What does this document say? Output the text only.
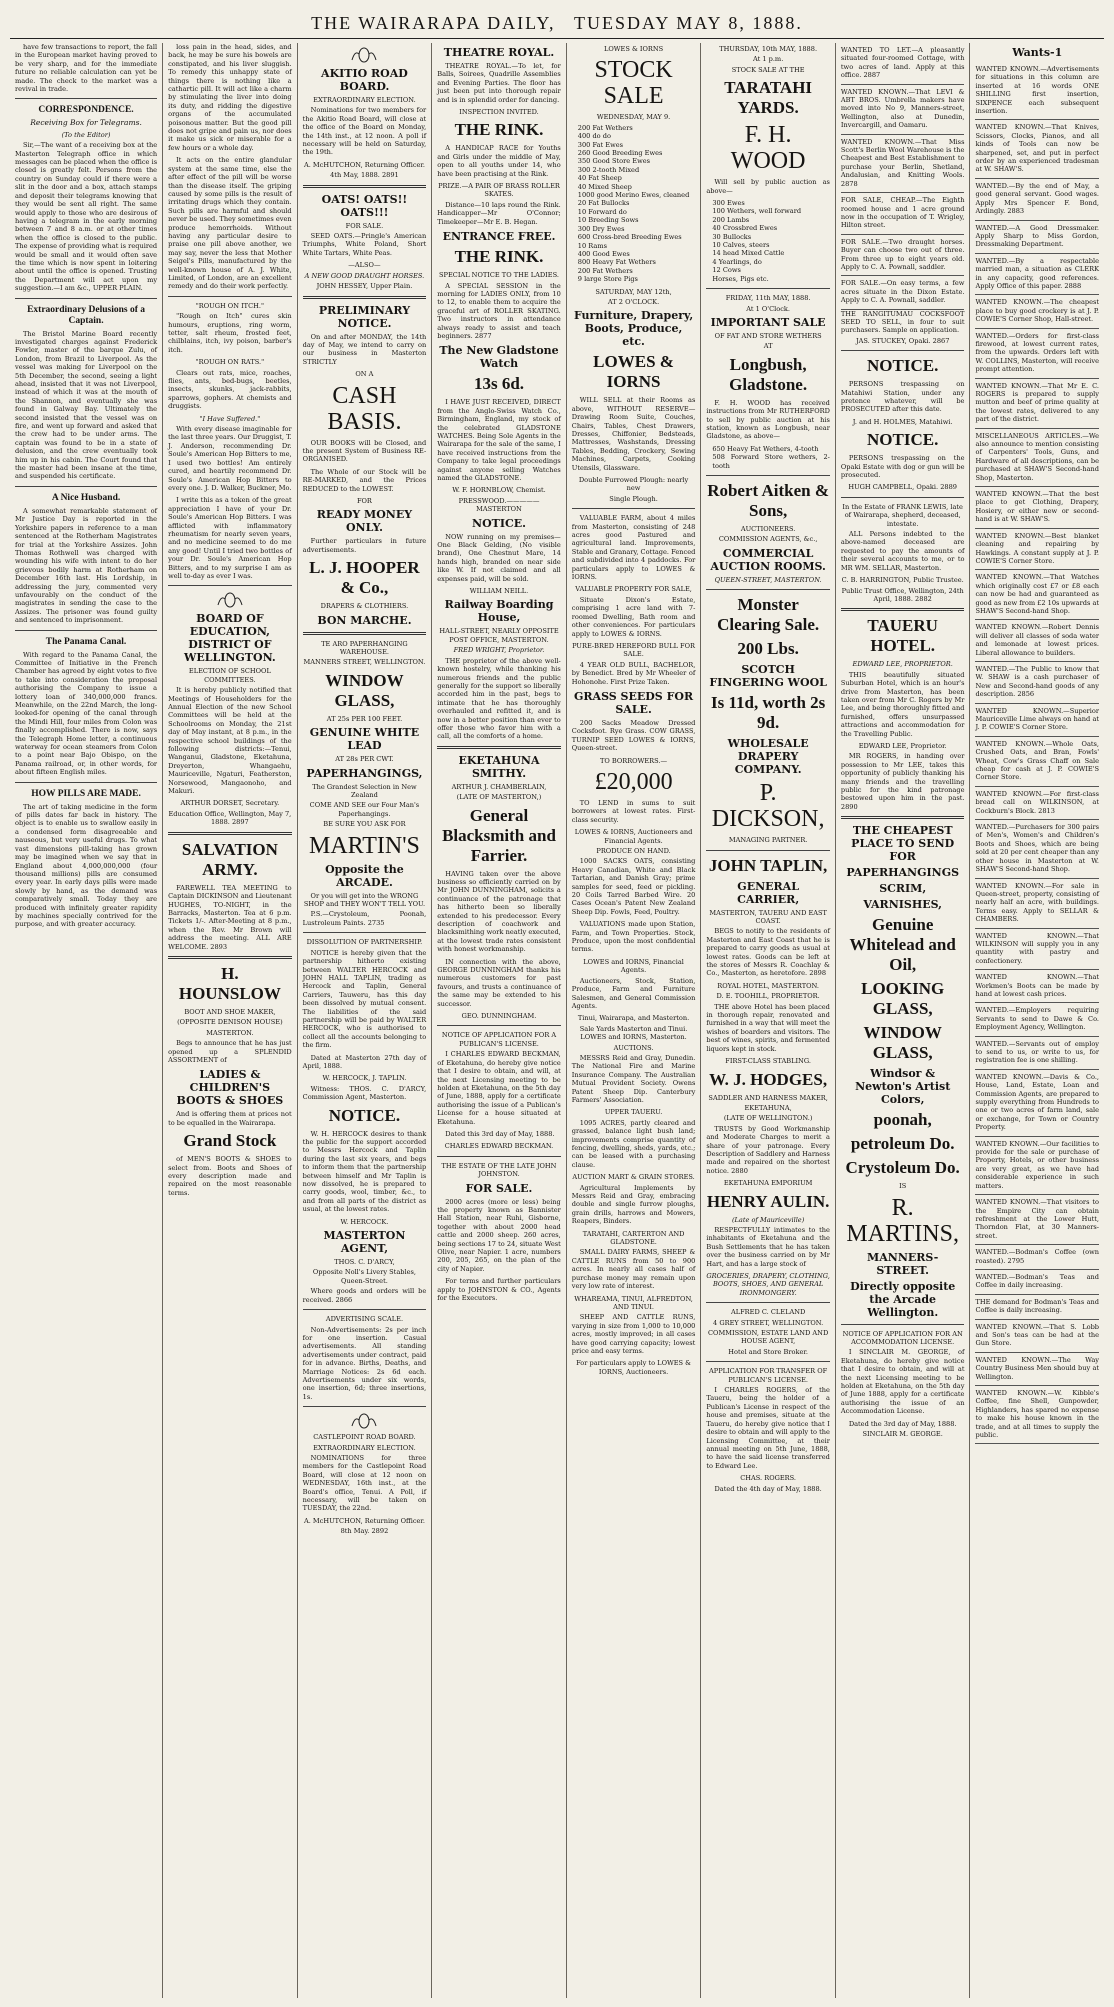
THE WAIRARAPA DAILY, TUESDAY MAY 8, 1888.

have few transactions to report, the fall in the European market having proved to be very sharp, and for the immediate future no reliable calculation can yet be made. The check to the market was a revival in trade.

CORRESPONDENCE.
Receiving Box for Telegrams.
(To the Editor)

Sir,—The want of a receiving box at the Masterton Telegraph office in which messages can be placed when the office is closed is greatly felt. Persons from the country on Sunday could if there were a slit in the door and a box, attach stamps and deposit their telegrams knowing that they would be sent all right. The same would apply to those who are desirous of having a telegram in the early morning between 7 and 8 a.m. or at other times when the office is closed to the public. The expense of providing what is required would be small and it would often save the time which is now spent in loitering about until the office is opened. Trusting the Department will act upon my suggestion.—I am &c., UPPER PLAIN.

Extraordinary Delusions of a Captain.

The Bristol Marine Board recently investigated charges against Frederick Fowler, master of the barque Zulu, of London, from Brazil to Liverpool. As the vessel was making for Liverpool on the 5th December, the second, seeing a light ahead, insisted that it was not Liverpool, instead of which it was at the mouth of the Shannon, and eventually she was found in Galway Bay. Ultimately the second insisted that the vessel was on fire, and went up forward and asked that the crew had to be under arms. The captain was found to be in a state of delusion, and the crew eventually took him up in his cabin. The Court found that the master had been insane at the time, and suspended his certificate.

A Nice Husband.

A somewhat remarkable statement of Mr Justice Day is reported in the Yorkshire papers in reference to a man sentenced at the Rotherham Magistrates for trial at the Yorkshire Assizes. John Thomas Rothwell was charged with wounding his wife with intent to do her grievous bodily harm at Rotherham on December 16th last. His Lordship, in addressing the jury, commented very unfavourably on the conduct of the magistrates in sending the case to the Assizes. The prisoner was found guilty and sentenced to imprisonment.

The Panama Canal.

With regard to the Panama Canal, the Committee of Initiative in the French Chamber has agreed by eight votes to five to take into consideration the proposal authorising the Company to issue a lottery loan of 340,000,000 francs. Meanwhile, on the 22nd March, the long-looked-for opening of the canal through the Mindi Hill, four miles from Colon was finally accomplished. There is now, says the Telegraph Home letter, a continuous waterway for ocean steamers from Colon to a point near Bajo Obispo, on the Panama railroad, or, in other words, for about fifteen English miles.

HOW PILLS ARE MADE.

The art of taking medicine in the form of pills dates far back in history. The object is to enable us to swallow easily in a condensed form disagreeable and nauseous, but very useful drugs. To what vast dimensions pill-taking has grown may be imagined when we say that in England about 4,000,000,000 (four thousand millions) pills are consumed every year. In early days pills were made slowly by hand, as the demand was comparatively small. Today they are produced with infinitely greater rapidity by machines specially contrived for the purpose, and with greater accuracy.

loss pain in the head, sides, and back, he may be sure his bowels are constipated, and his liver sluggish. To remedy this unhappy state of things there is nothing like a cathartic pill. It will act like a charm by stimulating the liver into doing its duty, and ridding the digestive organs of the accumulated poisonous matter. But the good pill does not gripe and pain us, nor does it make us sick or miserable for a few hours or a whole day.

It acts on the entire glandular system at the same time, else the after effect of the pill will be worse than the disease itself. The griping caused by some pills is the result of irritating drugs which they contain. Such pills are harmful and should never be used. They sometimes even produce hemorrhoids. Without having any particular desire to praise one pill above another, we may say, never the less that Mother Seigel's Pills, manufactured by the well-known house of A. J. White, Limited, of London, are an excellent remedy and do their work perfectly.

"ROUGH ON ITCH."

"Rough on Itch" cures skin humours, eruptions, ring worm, tetter, salt rheum, frosted feet, chilblains, itch, ivy poison, barber's itch.

"ROUGH ON RATS."

Clears out rats, mice, roaches, flies, ants, bed-bugs, beetles, insects, skunks, jack-rabbits, sparrows, gophers. At chemists and druggists.

"I Have Suffered."

With every disease imaginable for the last three years. Our Druggist, T. J. Anderson, recommending Dr. Soule's American Hop Bitters to me, I used two bottles! Am entirely cured, and heartily recommend Dr. Soule's American Hop Bitters to every one. J. D. Walker, Buckner, Mo.

I write this as a token of the great appreciation I have of your Dr. Soule's American Hop Bitters. I was afflicted with inflammatory rheumatism for nearly seven years, and no medicine seemed to do me any good! Until I tried two bottles of your Dr. Soule's American Hop Bitters, and to my surprise I am as well to-day as ever I was.

BOARD OF EDUCATION, DISTRICT OF WELLINGTON.
ELECTION OF SCHOOL COMMITTEES.

It is hereby publicly notified that Meetings of Householders for the Annual Election of the new School Committees will be held at the Schoolrooms on Monday, the 21st day of May instant, at 8 p.m., in the respective school buildings of the following districts:—Tenui, Wanganui, Gladstone, Eketahuna, Dreyerton, Whangaehu, Mauriceville, Ngaturi, Featherston, Norsewood, Mangaonoho, and Makuri.

ARTHUR DORSET, Secretary.
Education Office, Wellington, May 7, 1888. 2897
SALVATION ARMY.

FAREWELL TEA MEETING to Captain DICKINSON and Lieutenant HUGHES, TO-NIGHT, in the Barracks, Masterton. Tea at 6 p.m. Tickets 1/-. After-Meeting at 8 p.m., when the Rev. Mr Brown will address the meeting. ALL ARE WELCOME. 2893

H. HOUNSLOW
BOOT AND SHOE MAKER,
(OPPOSITE DENISON HOUSE)
MASTERTON.

Begs to announce that he has just opened up a SPLENDID ASSORTMENT of

LADIES & CHILDREN'S BOOTS & SHOES

And is offering them at prices not to be equalled in the Wairarapa.

Grand Stock

of MEN'S BOOTS & SHOES to select from. Boots and Shoes of every description made and repaired on the most reasonable terms.

AKITIO ROAD BOARD.
EXTRAORDINARY ELECTION.

Nominations for two members for the Akitio Road Board, will close at the office of the Board on Monday, the 14th inst., at 12 noon. A poll if necessary will be held on Saturday, the 19th.

A. McHUTCHON, Returning Officer.
4th May, 1888. 2891
OATS! OATS!! OATS!!!
FOR SALE.

SEED OATS.—Pringle's American Triumphs, White Poland, Short White Tartars, White Peas.

—ALSO—
A NEW GOOD DRAUGHT HORSES.
JOHN HESSEY, Upper Plain.
PRELIMINARY NOTICE.

On and after MONDAY, the 14th day of May, we intend to carry on our business in Masterton STRICTLY

ON A
CASH BASIS.

OUR BOOKS will be Closed, and the present System of Business RE-ORGANISED.

The Whole of our Stock will be RE-MARKED, and the Prices REDUCED to the LOWEST.

FOR
READY MONEY ONLY.

Further particulars in future advertisements.

L. J. HOOPER & Co.,
DRAPERS & CLOTHIERS.
BON MARCHE.
TE ARO PAPERHANGING WAREHOUSE.
MANNERS STREET, WELLINGTON.
WINDOW GLASS,
AT 25s PER 100 FEET.
GENUINE WHITE LEAD
AT 28s PER CWT.
PAPERHANGINGS,
The Grandest Selection in New Zealand
COME AND SEE our Four Man's Paperhangings.
BE SURE YOU ASK FOR
MARTIN'S
Opposite the ARCADE.
Or you will get into the WRONG SHOP and THEY WON'T TELL YOU.

P.S.—Crystoleum, Poonah, Lustroleum Paints. 2735

DISSOLUTION OF PARTNERSHIP.

NOTICE is hereby given that the partnership hitherto existing between WALTER HERCOCK and JOHN HALL TAPLIN, trading as Hercock and Taplin, General Carriers, Tauweru, has this day been dissolved by mutual consent. The liabilities of the said partnership will be paid by WALTER HERCOCK, who is authorised to collect all the accounts belonging to the firm.

Dated at Masterton 27th day of April, 1888.

W. HERCOCK, J. TAPLIN.

Witness: THOS. C. D'ARCY, Commission Agent, Masterton.

NOTICE.

W. H. HERCOCK desires to thank the public for the support accorded to Messrs Hercock and Taplin during the last six years, and begs to inform them that the partnership between himself and Mr Taplin is now dissolved, he is prepared to carry goods, wool, timber, &c., to and from all parts of the district as usual, at the lowest rates.

W. HERCOCK.
MASTERTON AGENT,
THOS. C. D'ARCY,
Opposite Noll's Livery Stables, Queen-Street.

Where goods and orders will be received. 2866

ADVERTISING SCALE.

Non-Advertisements: 2s per inch for one insertion. Casual advertisements. All standing advertisements under contract, paid for in advance. Births, Deaths, and Marriage Notices: 2s 6d each. Advertisements under six words, one insertion, 6d; three insertions, 1s.

CASTLEPOINT ROAD BOARD.
EXTRAORDINARY ELECTION.

NOMINATIONS for three members for the Castlepoint Road Board, will close at 12 noon on WEDNESDAY, 16th inst., at the Board's office, Tenui. A Poll, if necessary, will be taken on TUESDAY, the 22nd.

A. McHUTCHON, Returning Officer.
8th May. 2892
THEATRE ROYAL.

THEATRE ROYAL.—To let, for Balls, Soirees, Quadrille Assemblies and Evening Parties. The floor has just been put into thorough repair and is in splendid order for dancing.

INSPECTION INVITED.
THE RINK.

A HANDICAP RACE for Youths and Girls under the middle of May, open to all youths under 14, who have been practising at the Rink.

PRIZE.—A PAIR OF BRASS ROLLER SKATES.

Distance—10 laps round the Rink. Handicapper—Mr O'Connor; Timekeeper—Mr E. B. Hegan.

ENTRANCE FREE.
THE RINK.
SPECIAL NOTICE TO THE LADIES.

A SPECIAL SESSION in the morning for LADIES ONLY, from 10 to 12, to enable them to acquire the graceful art of ROLLER SKATING. Two instructors in attendance always ready to assist and teach beginners. 2877

The New Gladstone Watch
13s 6d.

I HAVE JUST RECEIVED, DIRECT from the Anglo-Swiss Watch Co., Birmingham, England, my stock of the celebrated GLADSTONE WATCHES. Being Sole Agents in the Wairarapa for the sale of the same, I have received instructions from the Company to take legal proceedings against anyone selling Watches named the GLADSTONE.

W. F. HORNBLOW, Chemist.
PRESSWOOD.—————MASTERTON
NOTICE.

NOW running on my premises—One Black Gelding, (No visible brand), One Chestnut Mare, 14 hands high, branded on near side like W. If not claimed and all expenses paid, will be sold.

WILLIAM NEILL.
Railway Boarding House,
HALL-STREET, NEARLY OPPOSITE POST OFFICE, MASTERTON.
FRED WRIGHT, Proprietor.

THE proprietor of the above well-known hostelry, while thanking his numerous friends and the public generally for the support so liberally accorded him in the past, begs to intimate that he has thoroughly overhauled and refitted it, and is now in a better position than ever to offer those who favor him with a call, all the comforts of a home.

EKETAHUNA SMITHY.
ARTHUR J. CHAMBERLAIN,
(LATE OF MASTERTON,)
General Blacksmith and Farrier.

HAVING taken over the above business so efficiently carried on by Mr JOHN DUNNINGHAM, solicits a continuance of the patronage that has hitherto been so liberally extended to his predecessor. Every description of coachwork and blacksmithing work neatly executed, at the lowest trade rates consistent with honest workmanship.

IN connection with the above, GEORGE DUNNINGHAM thanks his numerous customers for past favours, and trusts a continuance of the same may be extended to his successor.

GEO. DUNNINGHAM.
NOTICE OF APPLICATION FOR A PUBLICAN'S LICENSE.

I CHARLES EDWARD BECKMAN, of Eketahuna, do hereby give notice that I desire to obtain, and will, at the next Licensing meeting to be holden at Eketahuna, on the 5th day of June, 1888, apply for a certificate authorising the issue of a Publican's License for a house situated at Eketahuna.

Dated this 3rd day of May, 1888.

CHARLES EDWARD BECKMAN.
THE ESTATE OF THE LATE JOHN JOHNSTON.
FOR SALE.

2000 acres (more or less) being the property known as Bannister Hall Station, near Ruhi, Gisborne, together with about 2000 head cattle and 2000 sheep. 260 acres, being sections 17 to 24, situate West Olive, near Napier. 1 acre, numbers 200, 205, 265, on the plan of the city of Napier.

For terms and further particulars apply to JOHNSTON & CO., Agents for the Executors.

LOWES & IORNS
STOCK SALE
WEDNESDAY, MAY 9.
200 Fat Wethers
400 do do
300 Fat Ewes
260 Good Breeding Ewes
350 Good Store Ewes
300 2-tooth Mixed
40 Fat Sheep
40 Mixed Sheep
1000 good Merino Ewes, cleaned
20 Fat Bullocks
10 Forward do
10 Breeding Sows
300 Dry Ewes
600 Cross-bred Breeding Ewes
10 Rams
400 Good Ewes
800 Heavy Fat Wethers
200 Fat Wethers
9 large Store Pigs
SATURDAY, MAY 12th,
AT 2 O'CLOCK.
Furniture, Drapery, Boots, Produce, etc.
LOWES & IORNS

WILL SELL at their Rooms as above, WITHOUT RESERVE—Drawing Room Suite, Couches, Chairs, Tables, Chest Drawers, Dresses, Chiffonier, Bedsteads, Mattresses, Washstands, Dressing Tables, Bedding, Crockery, Sewing Machines, Carpets, Cooking Utensils, Glassware.

Double Furrowed Plough: nearly new
Single Plough.

VALUABLE FARM, about 4 miles from Masterton, consisting of 248 acres good Pastured and agricultural land. Improvements, Stable and Granary, Cottage. Fenced and subdivided into 4 paddocks. For particulars apply to LOWES & IORNS.

VALUABLE PROPERTY FOR SALE,

Situate Dixon's Estate, comprising 1 acre land with 7-roomed Dwelling, Bath room and other conveniences. For particulars apply to LOWES & IORNS.

PURE-BRED HEREFORD BULL FOR SALE.

4 YEAR OLD BULL, BACHELOR, by Benedict. Bred by Mr Wheeler of Hohonohe. First Prize Taken.

GRASS SEEDS FOR SALE.

200 Sacks Meadow Dressed Cocksfoot. Rye Grass. COW GRASS, TURNIP SEED LOWES & IORNS, Queen-street.

TO BORROWERS.—
£20,000

TO LEND in sums to suit borrowers at lowest rates. First-class security.

LOWES & IORNS, Auctioneers and Financial Agents.
PRODUCE ON HAND.

1000 SACKS OATS, consisting Heavy Canadian, White and Black Tartarian, and Danish Gray; prime samples for seed, feed or pickling. 20 Coils Tarred Barbed Wire. 20 Cases Ocean's Patent New Zealand Sheep Dip. Fowls, Feed, Poultry.

VALUATIONS made upon Station, Farm, and Town Properties. Stock, Produce, upon the most confidential terms.

LOWES and IORNS, Financial Agents.

Auctioneers, Stock, Station, Produce, Farm and Furniture Salesmen, and General Commission Agents.

Tinui, Wairarapa, and Masterton.
Sale Yards Masterton and Tinui. LOWES and IORNS, Masterton.
AUCTIONS.

MESSRS Reid and Gray, Dunedin. The National Fire and Marine Insurance Company. The Australian Mutual Provident Society. Owens Patent Sheep Dip. Canterbury Farmers' Association.

UPPER TAUERU.

1095 ACRES, partly cleared and grassed, balance light bush land; improvements comprise quantity of fencing, dwelling, sheds, yards, etc.; can be leased with a purchasing clause.

AUCTION MART & GRAIN STORES.

Agricultural Implements by Messrs Reid and Gray, embracing double and single furrow ploughs, grain drills, harrows and Mowers, Reapers, Binders.

TARATAHI, CARTERTON AND GLADSTONE.

SMALL DAIRY FARMS, SHEEP & CATTLE RUNS from 50 to 900 acres. In nearly all cases half of purchase money may remain upon very low rate of interest.

WHAREAMA, TINUI, ALFREDTON, AND TINUI.

SHEEP AND CATTLE RUNS, varying in size from 1,000 to 10,000 acres, mostly improved; in all cases have good carrying capacity; lowest price and easy terms.

For particulars apply to LOWES & IORNS, Auctioneers.
THURSDAY, 10th MAY, 1888.
At 1 p.m.
STOCK SALE AT THE
TARATAHI YARDS.
F. H. WOOD

Will sell by public auction as above—

300 Ewes
100 Wethers, well forward
200 Lambs
40 Crossbred Ewes
30 Bullocks
10 Calves, steers
14 head Mixed Cattle
4 Yearlings, do
12 Cows
Horses, Pigs etc.
FRIDAY, 11th MAY, 1888.
At 1 O'Clock.
IMPORTANT SALE
OF FAT AND STORE WETHERS
AT
Longbush, Gladstone.

F. H. WOOD has received instructions from Mr RUTHERFORD to sell by public auction at his station, known as Longbush, near Gladstone, as above—

650 Heavy Fat Wethers, 4-tooth
508 Forward Store wethers, 2-tooth
Robert Aitken & Sons,
AUCTIONEERS.
COMMISSION AGENTS, &c.,
COMMERCIAL AUCTION ROOMS.
QUEEN-STREET, MASTERTON.
Monster Clearing Sale.
200 Lbs.
SCOTCH FINGERING WOOL
Is 11d, worth 2s 9d.
WHOLESALE DRAPERY COMPANY.
P. DICKSON,
MANAGING PARTNER.
JOHN TAPLIN,
GENERAL CARRIER,
MASTERTON, TAUERU AND EAST COAST.

BEGS to notify to the residents of Masterton and East Coast that he is prepared to carry goods as usual at lowest rates. Goods can be left at the stores of Messrs R. Coachlay & Co., Masterton, as heretofore. 2898

ROYAL HOTEL, MASTERTON.
D. E. TOOHILL, PROPRIETOR.

THE above Hotel has been placed in thorough repair, renovated and furnished in a way that will meet the wishes of boarders and visitors. The best of wines, spirits, and fermented liquors kept in stock.

FIRST-CLASS STABLING.
W. J. HODGES,
SADDLER AND HARNESS MAKER,
EKETAHUNA,
(LATE OF WELLINGTON.)

TRUSTS by Good Workmanship and Moderate Charges to merit a share of your patronage. Every Description of Saddlery and Harness made and repaired on the shortest notice. 2880

EKETAHUNA EMPORIUM
HENRY AULIN.
(Late of Mauriceville)

RESPECTFULLY intimates to the inhabitants of Eketahuna and the Bush Settlements that he has taken over the business carried on by Mr Hart, and has a large stock of

GROCERIES, DRAPERY, CLOTHING, BOOTS, SHOES, AND GENERAL IRONMONGERY.
ALFRED C. CLELAND
4 GREY STREET, WELLINGTON.
COMMISSION, ESTATE LAND AND HOUSE AGENT,
Hotel and Store Broker.
APPLICATION FOR TRANSFER OF PUBLICAN'S LICENSE.

I CHARLES ROGERS, of the Taueru, being the holder of a Publican's License in respect of the house and premises, situate at the Taueru, do hereby give notice that I desire to obtain and will apply to the Licensing Committee, at their annual meeting on 5th June, 1888, to have the said license transferred to Edward Lee.

CHAS. ROGERS.
Dated the 4th day of May, 1888.
WANTED TO LET.—A pleasantly situated four-roomed Cottage, with two acres of land. Apply at this office. 2887
WANTED KNOWN.—That LEVI & ABT BROS. Umbrella makers have moved into No 9, Manners-street, Wellington, also at Dunedin, Invercargill, and Oamaru.
WANTED KNOWN.—That Miss Scott's Berlin Wool Warehouse is the Cheapest and Best Establishment to purchase your Berlin, Shetland, Andalusian, and Knitting Wools. 2878
FOR SALE, CHEAP.—The Eighth roomed house and 1 acre ground now in the occupation of T. Wrigley, Hilton street.
FOR SALE.—Two draught horses. Buyer can choose two out of three. From three up to eight years old. Apply to C. A. Pownall, saddler.
FOR SALE.—On easy terms, a few acres situate in the Dixon Estate. Apply to C. A. Pownall, saddler.
THE RANGITUMAU COCKSFOOT SEED TO SELL, in four to suit purchasers. Sample on application.
JAS. STUCKEY, Opaki. 2867
NOTICE.

PERSONS trespassing on Matahiwi Station, under any pretence whatever, will be PROSECUTED after this date.

J. and H. HOLMES, Matahiwi.
NOTICE.

PERSONS trespassing on the Opaki Estate with dog or gun will be prosecuted.

HUGH CAMPBELL, Opaki. 2889
In the Estate of FRANK LEWIS, late of Wairarapa, shepherd, deceased, intestate.

ALL Persons indebted to the above-named deceased are requested to pay the amounts of their several accounts to me, or to MR WM. SELLAR, Masterton.

C. B. HARRINGTON, Public Trustee.
Public Trust Office, Wellington, 24th April, 1888. 2882
TAUERU HOTEL.
EDWARD LEE, PROPRIETOR.

THIS beautifully situated Suburban Hotel, which is an hour's drive from Masterton, has been taken over from Mr C. Rogers by Mr Lee, and being thoroughly fitted and furnished, offers unsurpassed attractions and accommodation for the Travelling Public.

EDWARD LEE, Proprietor.

MR ROGERS, in handing over possession to Mr LEE, takes this opportunity of publicly thanking his many friends and the travelling public for the kind patronage bestowed upon him in the past. 2890

THE CHEAPEST PLACE TO SEND FOR
PAPERHANGINGS
SCRIM,
VARNISHES,
Genuine Whitelead and Oil,
LOOKING GLASS,
WINDOW GLASS,
Windsor & Newton's Artist Colors,
poonah,
petroleum Do.
Crystoleum Do.
IS
R. MARTINS,
MANNERS-STREET.
Directly opposite the Arcade Wellington.
NOTICE OF APPLICATION FOR AN ACCOMMODATION LICENSE.

I SINCLAIR M. GEORGE, of Eketahuna, do hereby give notice that I desire to obtain, and will at the next Licensing meeting to be holden at Eketahuna, on the 5th day of June 1888, apply for a certificate authorising the issue of an Accommodation License.

Dated the 3rd day of May, 1888.
SINCLAIR M. GEORGE.
Wants-1
WANTED KNOWN.—Advertisements for situations in this column are inserted at 16 words ONE SHILLING first insertion, SIXPENCE each subsequent insertion.
WANTED KNOWN.—That Knives, Scissors, Clocks, Pianos, and all kinds of Tools can now be sharpened, set, and put in perfect order by an experienced tradesman at W. SHAW'S.
WANTED.—By the end of May, a good general servant. Good wages. Apply Mrs Spencer F. Bond, Ardingly. 2883
WANTED.—A Good Dressmaker. Apply Sharp to Miss Gordon, Dressmaking Department.
WANTED.—By a respectable married man, a situation as CLERK in any capacity, good references. Apply Office of this paper. 2888
WANTED KNOWN.—The cheapest place to buy good crockery is at J. P. COWIE'S Corner Shop, Hall-street.
WANTED.—Orders for first-class firewood, at lowest current rates, from the upwards. Orders left with W. COLLINS, Masterton, will receive prompt attention.
WANTED KNOWN.—That Mr E. C. ROGERS is prepared to supply mutton and beef of prime quality at the lowest rates, delivered to any part of the district.
MISCELLANEOUS ARTICLES.—We also announce to mention consisting of Carpenters' Tools, Guns, and Hardware of all descriptions, can be purchased at SHAW'S Second-hand Shop, Masterton.
WANTED KNOWN.—That the best place to get Clothing, Drapery, Hosiery, or either new or second-hand is at W. SHAW'S.
WANTED KNOWN.—Best blanket cleaning and repairing by Hawkings. A constant supply at J. P. COWIE'S Corner Store.
WANTED KNOWN.—That Watches which originally cost £7 or £8 each can now be had and guaranteed as good as new from £2 10s upwards at SHAW'S Second-hand Shop.
WANTED KNOWN.—Robert Dennis will deliver all classes of soda water and lemonade at lowest prices. Liberal allowance to builders.
WANTED.—The Public to know that W. SHAW is a cash purchaser of New and Second-hand goods of any description. 2856
WANTED KNOWN.—Superior Mauriceville Lime always on hand at J. P. COWIE'S Corner Store.
WANTED KNOWN.—Whole Oats, Crushed Oats, and Bran, Fowls' Wheat, Cow's Grass Chaff on Sale cheap for cash at J. P. COWIE'S Corner Store.
WANTED KNOWN.—For first-class bread call on WILKINSON, at Cockburn's Block. 2813
WANTED.—Purchasers for 300 pairs of Men's, Women's and Children's Boots and Shoes, which are being sold at 20 per cent cheaper than any other house in Masterton at W. SHAW'S Second-hand Shop.
WANTED KNOWN.—For sale in Queen-street, property, consisting of nearly half an acre, with buildings. Terms easy. Apply to SELLAR & CHAMBERS.
WANTED KNOWN.—That WILKINSON will supply you in any quantity with pastry and confectionery.
WANTED KNOWN.—That Workmen's Boots can be made by hand at lowest cash prices.
WANTED.—Employers requiring Servants to send to Dawe & Co. Employment Agency, Wellington.
WANTED.—Servants out of employ to send to us, or write to us, for registration fee is one shilling.
WANTED KNOWN.—Davis & Co., House, Land, Estate, Loan and Commission Agents, are prepared to supply everything from Hundreds to one or two acres of farm land, sale or exchange, for Town or Country Property.
WANTED KNOWN.—Our facilities to provide for the sale or purchase of Property, Hotels, or other business are very great, as we have had considerable experience in such matters.
WANTED KNOWN.—That visitors to the Empire City can obtain refreshment at the Lower Hutt, Thorndon Flat, at 30 Manners-street.
WANTED.—Bodman's Coffee (own roasted). 2795
WANTED.—Bodman's Teas and Coffee in daily increasing.
THE demand for Bodman's Teas and Coffee is daily increasing.
WANTED KNOWN.—That S. Lobb and Son's teas can be had at the Gun Store.
WANTED KNOWN.—The Way Country Business Men should buy at Wellington.
WANTED KNOWN.—W. Kibble's Coffee, fine Shell, Gunpowder, Highlanders, has spared no expense to make his house known in the trade, and at all times to supply the public.
